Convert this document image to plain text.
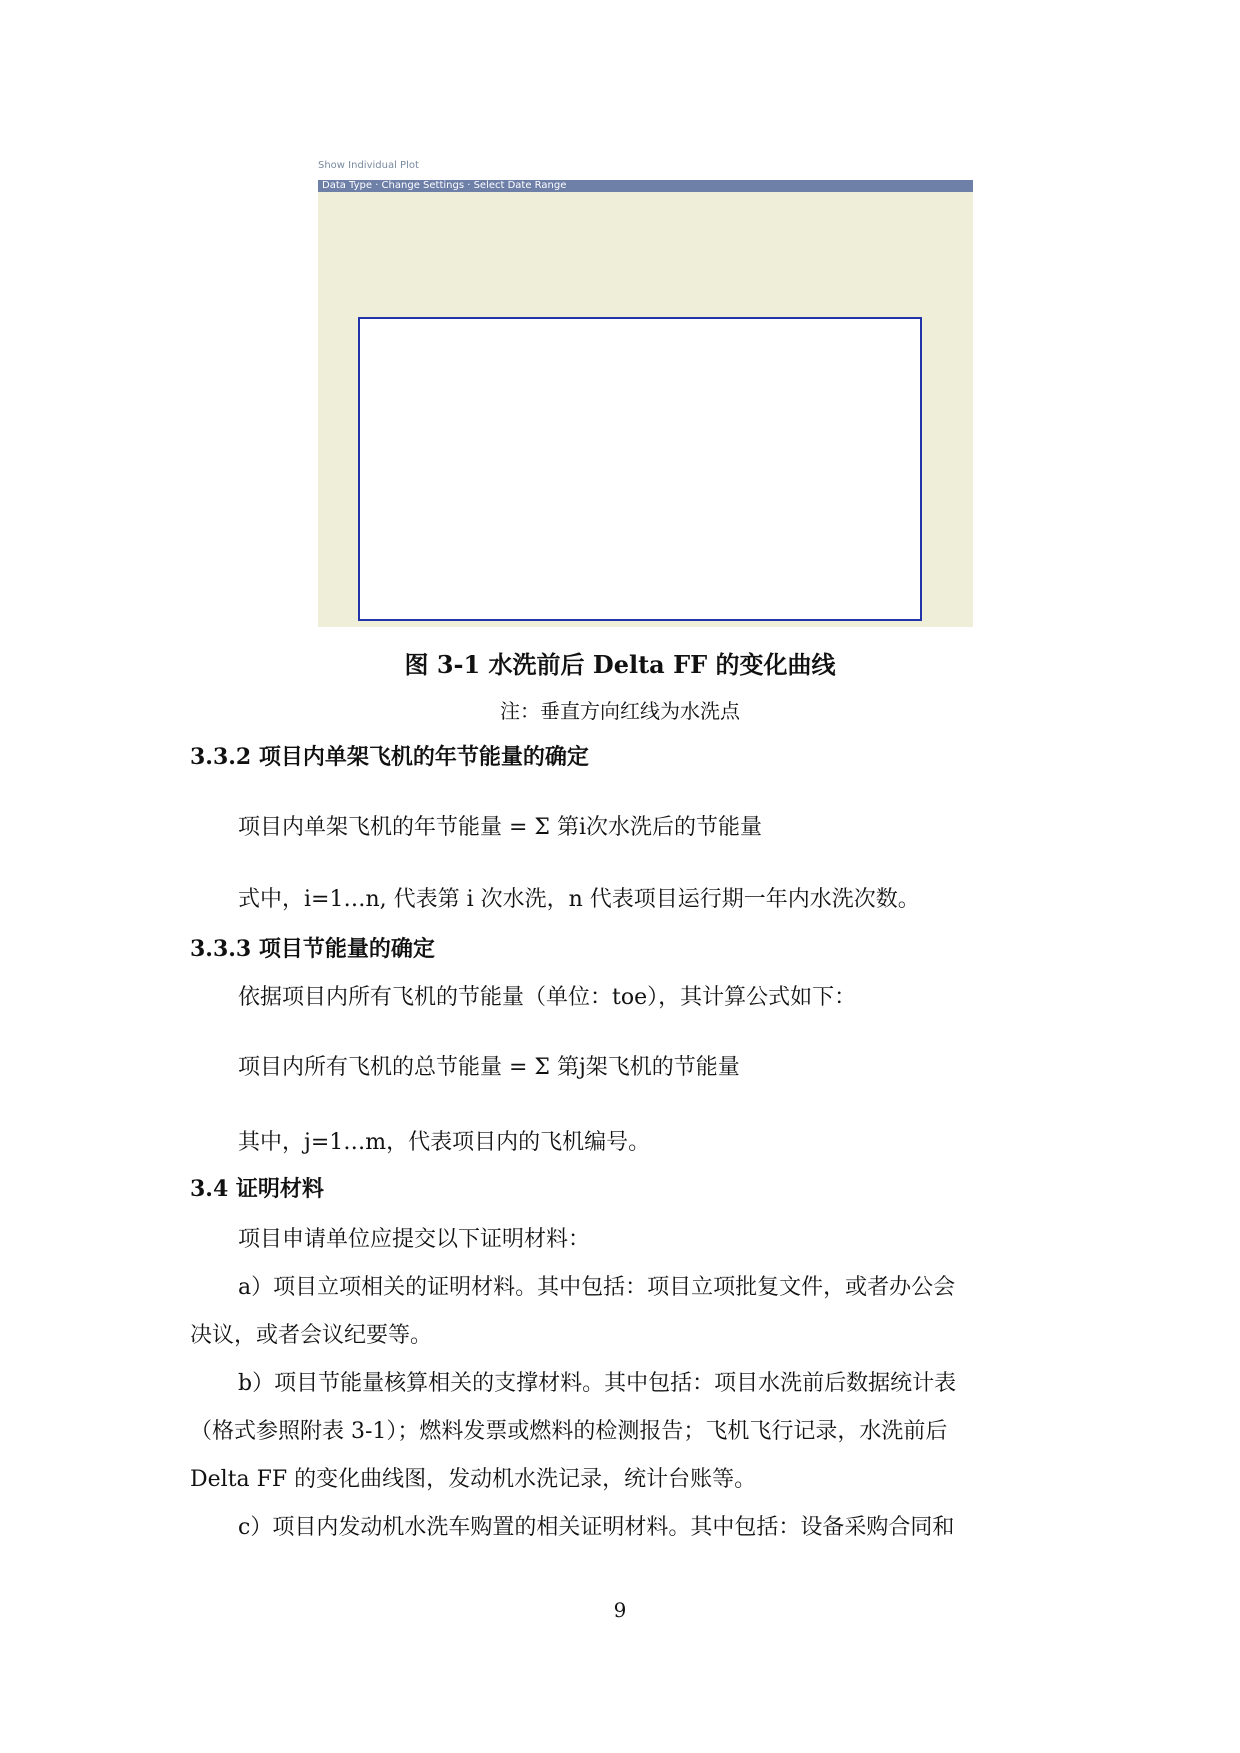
Show Individual Plot
Data Type · Change Settings · Select Date Range
图 3-1 水洗前后 Delta FF 的变化曲线
注：垂直方向红线为水洗点
3.3.2 项目内单架飞机的年节能量的确定
项目内单架飞机的年节能量 = Σ 第i次水洗后的节能量
式中，i=1…n, 代表第 i 次水洗，n 代表项目运行期一年内水洗次数。
3.3.3 项目节能量的确定
依据项目内所有飞机的节能量（单位：toe），其计算公式如下：
项目内所有飞机的总节能量 = Σ 第j架飞机的节能量
其中，j=1…m，代表项目内的飞机编号。
3.4 证明材料
项目申请单位应提交以下证明材料：
a）项目立项相关的证明材料。其中包括：项目立项批复文件，或者办公会
决议，或者会议纪要等。
b）项目节能量核算相关的支撑材料。其中包括：项目水洗前后数据统计表
（格式参照附表 3-1）；燃料发票或燃料的检测报告；飞机飞行记录，水洗前后
Delta FF 的变化曲线图，发动机水洗记录，统计台账等。
c）项目内发动机水洗车购置的相关证明材料。其中包括：设备采购合同和
9
